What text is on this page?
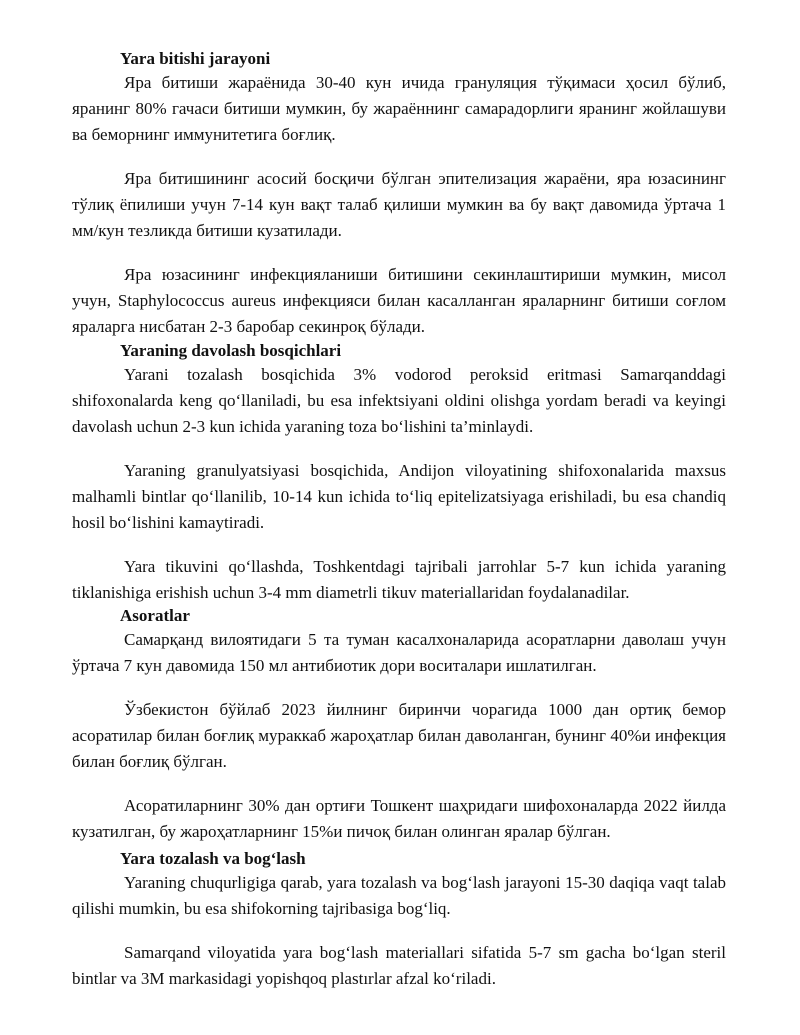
Yara bitishi jarayoni

Яра битиши жараёнида 30-40 кун ичида грануляция тўқимаси ҳосил бўлиб, яранинг 80% гачаси битиши мумкин, бу жараённинг самарадорлиги яранинг жойлашуви ва беморнинг иммунитетига боғлиқ.

Яра битишининг асосий босқичи бўлган эпителизация жараёни, яра юзасининг тўлиқ ёпилиши учун 7-14 кун вақт талаб қилиши мумкин ва бу вақт давомида ўртача 1 мм/кун тезликда битиши кузатилади.

Яра юзасининг инфекцияланиши битишини секинлаштириши мумкин, мисол учун, Staphylococcus aureus инфекцияси билан касалланган яраларнинг битиши соғлом яраларга нисбатан 2-3 баробар секинроқ бўлади.

Yaraning davolash bosqichlari

Yarani tozalash bosqichida 3% vodorod peroksid eritmasi Samarqanddagi shifoxonalarda keng qo‘llaniladi, bu esa infektsiyani oldini olishga yordam beradi va keyingi davolash uchun 2-3 kun ichida yaraning toza bo‘lishini ta’minlaydi.

Yaraning granulyatsiyasi bosqichida, Andijon viloyatining shifoxonalarida maxsus malhamli bintlar qo‘llanilib, 10-14 kun ichida to‘liq epitelizatsiyaga erishiladi, bu esa chandiq hosil bo‘lishini kamaytiradi.

Yara tikuvini qo‘llashda, Toshkentdagi tajribali jarrohlar 5-7 kun ichida yaraning tiklanishiga erishish uchun 3-4 mm diametrli tikuv materiallaridan foydalanadilar.

Asoratlar

Самарқанд вилоятидаги 5 та туман касалхоналарида асоратларни даволаш учун ўртача 7 кун давомида 150 мл антибиотик дори воситалари ишлатилган.

Ўзбекистон бўйлаб 2023 йилнинг биринчи чорагида 1000 дан ортиқ бемор асоратилар билан боғлиқ мураккаб жароҳатлар билан даволанган, бунинг 40%и инфекция билан боғлиқ бўлган.

Асоратиларнинг 30% дан ортиғи Тошкент шаҳридаги шифохоналарда 2022 йилда кузатилган, бу жароҳатларнинг 15%и пичоқ билан олинган яралар бўлган.

Yara tozalash va bog‘lash

Yaraning chuqurligiga qarab, yara tozalash va bog‘lash jarayoni 15-30 daqiqa vaqt talab qilishi mumkin, bu esa shifokorning tajribasiga bog‘liq.

Samarqand viloyatida yara bog‘lash materiallari sifatida 5-7 sm gacha bo‘lgan steril bintlar va 3M markasidagi yopishqoq plastırlar afzal ko‘riladi.
